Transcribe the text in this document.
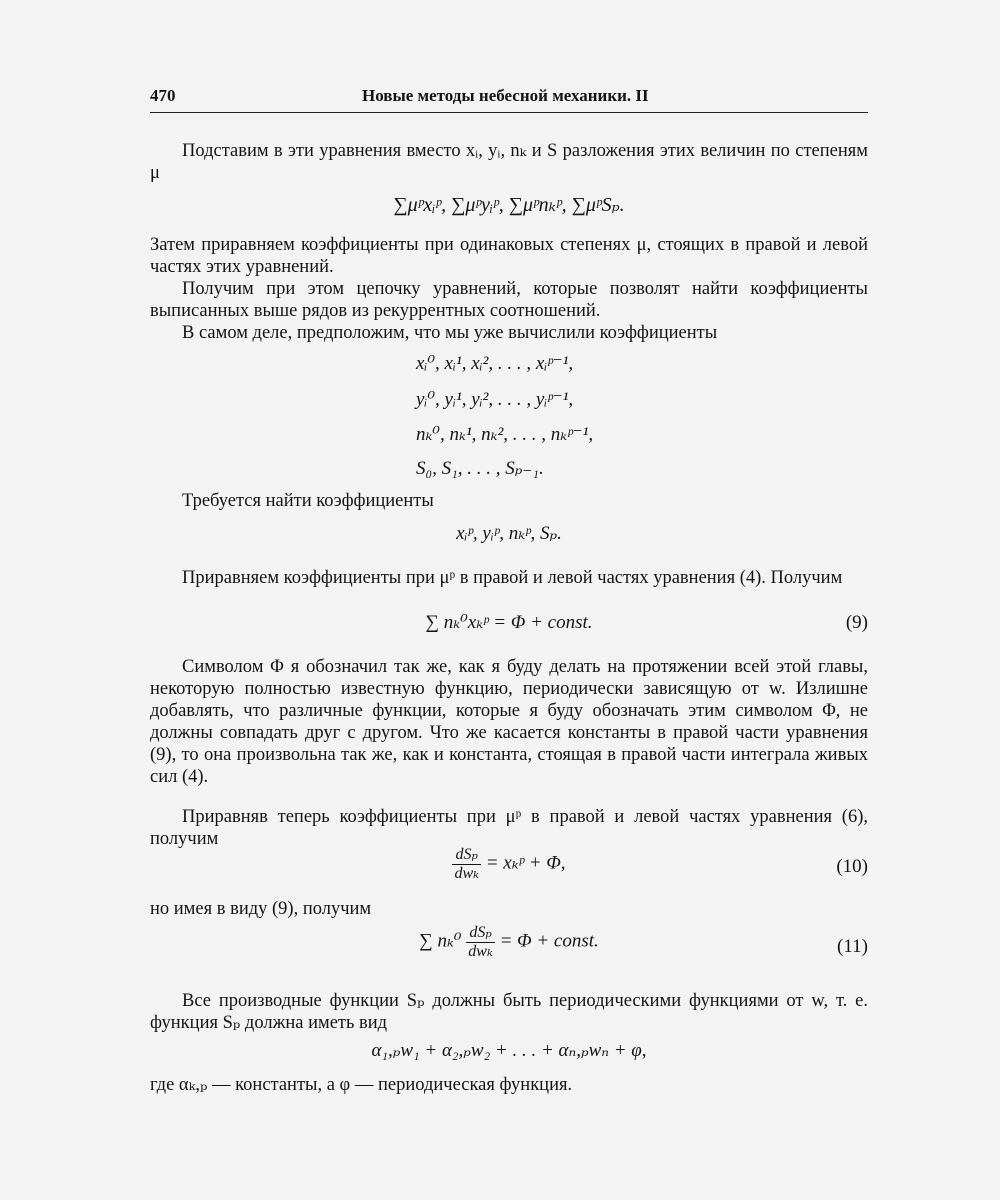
470	Новые методы небесной механики. II
Подставим в эти уравнения вместо xᵢ, yᵢ, nₖ и S разложения этих величин по степеням μ
∑μᵖxᵢᵖ, ∑μᵖyᵢᵖ, ∑μᵖnₖᵖ, ∑μᵖSₚ.
Затем приравняем коэффициенты при одинаковых степенях μ, стоящих в правой и левой частях этих уравнений.
Получим при этом цепочку уравнений, которые позволят найти коэффициенты выписанных выше рядов из рекуррентных соотношений.
В самом деле, предположим, что мы уже вычислили коэффициенты
xᵢ⁰, xᵢ¹, xᵢ², . . . , xᵢᵖ⁻¹,
yᵢ⁰, yᵢ¹, yᵢ², . . . , yᵢᵖ⁻¹,
nₖ⁰, nₖ¹, nₖ², . . . , nₖᵖ⁻¹,
S₀, S₁, . . . , Sₚ₋₁.
Требуется найти коэффициенты
xᵢᵖ, yᵢᵖ, nₖᵖ, Sₚ.
Приравняем коэффициенты при μᵖ в правой и левой частях уравнения (4). Получим
∑ nₖ⁰xₖᵖ = Φ + const.	(9)
Символом Φ я обозначил так же, как я буду делать на протяжении всей этой главы, некоторую полностью известную функцию, периодически зависящую от w. Излишне добавлять, что различные функции, которые я буду обозначать этим символом Φ, не должны совпадать друг с другом. Что же касается константы в правой части уравнения (9), то она произвольна так же, как и константа, стоящая в правой части интеграла живых сил (4).
Приравняв теперь коэффициенты при μᵖ в правой и левой частях уравнения (6), получим
$\frac{\text{dSₚ}}{\text{dwₖ}}$ = xₖᵖ + Φ,	(10)
но имея в виду (9), получим
∑ $n_k^0 \frac{\text{dSₚ}}{\text{dwₖ}} = \Phi$ + const.	(11)
Все производные функции Sₚ должны быть периодическими функциями от w, т. е. функция Sₚ должна иметь вид
α₁,ₚw₁ + α₂,ₚw₂ + . . . + αₙ,ₚwₙ + φ,
где αₖ,ₚ — константы, а φ — периодическая функция.
